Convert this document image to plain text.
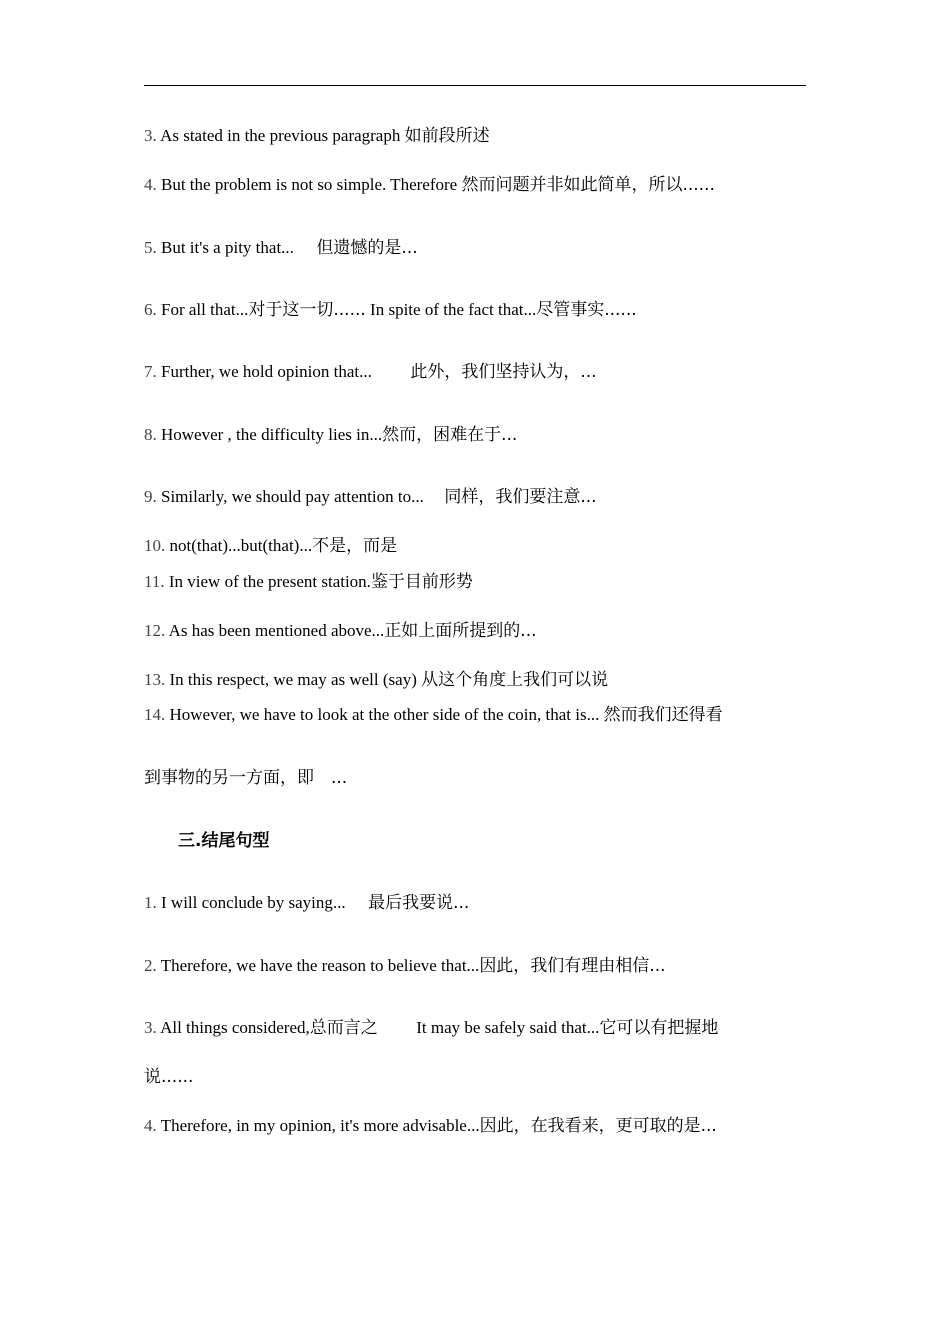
3. As stated in the previous paragraph 如前段所述
4. But the problem is not so simple. Therefore 然而问题并非如此简单，所以......
5. But it's a pity that... 但遗憾的是...
6. For all that...对于这一切...... In spite of the fact that...尽管事实......
7. Further, we hold opinion that... 此外，我们坚持认为，...
8. However , the difficulty lies in...然而，困难在于...
9. Similarly, we should pay attention to... 同样，我们要注意...
10. not(that)...but(that)...不是，而是
11. In view of the present station.鉴于目前形势
12. As has been mentioned above...正如上面所提到的...
13. In this respect, we may as well (say) 从这个角度上我们可以说
14. However, we have to look at the other side of the coin, that is... 然而我们还得看
到事物的另一方面，即　...
三.结尾句型
1. I will conclude by saying... 最后我要说...
2. Therefore, we have the reason to believe that...因此，我们有理由相信...
3. All things considered,总而言之 It may be safely said that...它可以有把握地
说......
4. Therefore, in my opinion, it's more advisable...因此，在我看来，更可取的是...
